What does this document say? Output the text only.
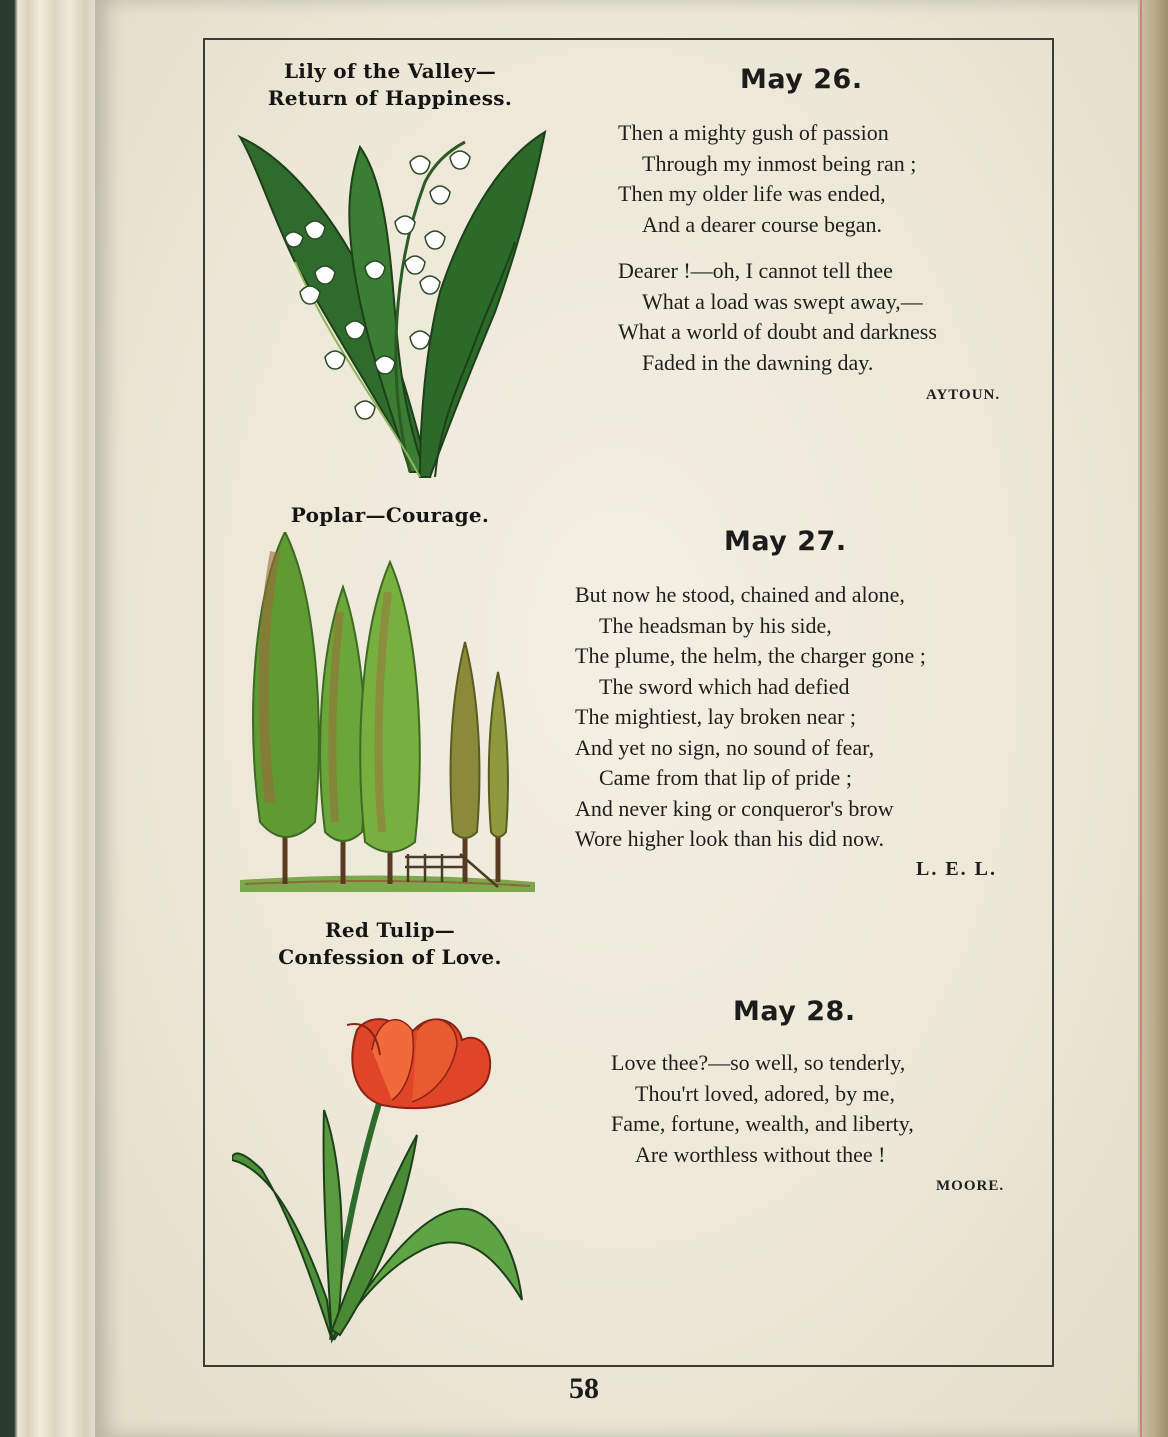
Lily of the Valley—
Return of Happiness.
Poplar—Courage.
Red Tulip—
Confession of Love.
May 26.
Then a mighty gush of passion
Through my inmost being ran ;
Then my older life was ended,
And a dearer course began.
Dearer !—oh, I cannot tell thee
What a load was swept away,—
What a world of doubt and darkness
Faded in the dawning day.
AYTOUN.
May 27.
But now he stood, chained and alone,
The headsman by his side,
The plume, the helm, the charger gone ;
The sword which had defied
The mightiest, lay broken near ;
And yet no sign, no sound of fear,
Came from that lip of pride ;
And never king or conqueror's brow
Wore higher look than his did now.
L. E. L.
May 28.
Love thee?—so well, so tenderly,
Thou'rt loved, adored, by me,
Fame, fortune, wealth, and liberty,
Are worthless without thee !
MOORE.
58
